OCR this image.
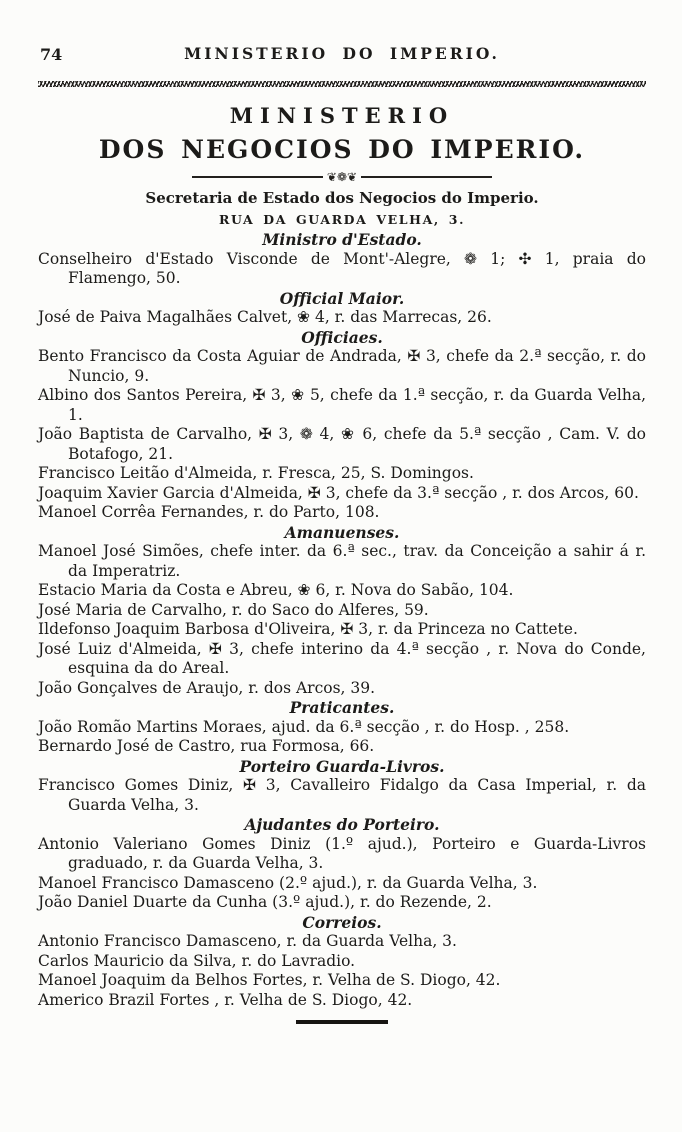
74	MINISTERIO DO IMPERIO.
MINISTERIO
DOS NEGOCIOS DO IMPERIO.
❦❁❦
Secretaria de Estado dos Negocios do Imperio.
RUA DA GUARDA VELHA, 3.
Ministro d'Estado.

Conselheiro d'Estado Visconde de Mont'-Alegre, ❁ 1; ✣ 1, praia do Flamengo, 50.

Official Maior.

José de Paiva Magalhães Calvet, ❀ 4, r. das Marrecas, 26.

Officiaes.

Bento Francisco da Costa Aguiar de Andrada, ✠ 3, chefe da 2.ª secção, r. do Nuncio, 9.

Albino dos Santos Pereira, ✠ 3, ❀ 5, chefe da 1.ª secção, r. da Guarda Velha, 1.

João Baptista de Carvalho, ✠ 3, ❁ 4, ❀ 6, chefe da 5.ª secção , Cam. V. do Botafogo, 21.

Francisco Leitão d'Almeida, r. Fresca, 25, S. Domingos.

Joaquim Xavier Garcia d'Almeida, ✠ 3, chefe da 3.ª secção , r. dos Arcos, 60.

Manoel Corrêa Fernandes, r. do Parto, 108.

Amanuenses.

Manoel José Simões, chefe inter. da 6.ª sec., trav. da Conceição a sahir á r. da Imperatriz.

Estacio Maria da Costa e Abreu, ❀ 6, r. Nova do Sabão, 104.

José Maria de Carvalho, r. do Saco do Alferes, 59.

Ildefonso Joaquim Barbosa d'Oliveira, ✠ 3, r. da Princeza no Cattete.

José Luiz d'Almeida, ✠ 3, chefe interino da 4.ª secção , r. Nova do Conde, esquina da do Areal.

João Gonçalves de Araujo, r. dos Arcos, 39.

Praticantes.

João Romão Martins Moraes, ajud. da 6.ª secção , r. do Hosp. , 258.

Bernardo José de Castro, rua Formosa, 66.

Porteiro Guarda-Livros.

Francisco Gomes Diniz, ✠ 3, Cavalleiro Fidalgo da Casa Imperial, r. da Guarda Velha, 3.

Ajudantes do Porteiro.

Antonio Valeriano Gomes Diniz (1.º ajud.), Porteiro e Guarda-Livros graduado, r. da Guarda Velha, 3.

Manoel Francisco Damasceno (2.º ajud.), r. da Guarda Velha, 3.

João Daniel Duarte da Cunha (3.º ajud.), r. do Rezende, 2.

Correios.

Antonio Francisco Damasceno, r. da Guarda Velha, 3.

Carlos Mauricio da Silva, r. do Lavradio.

Manoel Joaquim da Belhos Fortes, r. Velha de S. Diogo, 42.

Americo Brazil Fortes , r. Velha de S. Diogo, 42.
